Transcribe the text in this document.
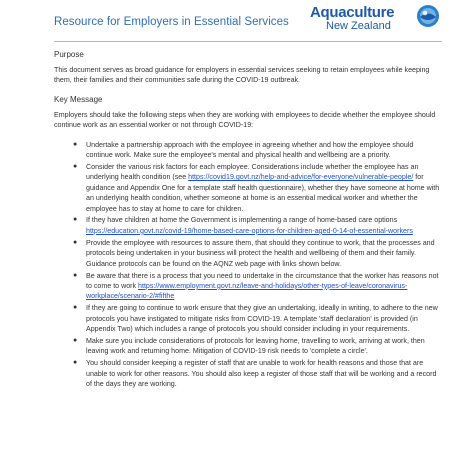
Resource for Employers in Essential Services
Aquaculture
New Zealand
Purpose

This document serves as broad guidance for employers in essential services seeking to retain employees while keeping them, their families and their communities safe during the COVID-19 outbreak.

Key Message

Employers should take the following steps when they are working with employees to decide whether the employee should continue work as an essential worker or not through COVID-19:

● Undertake a partnership approach with the employee in agreeing whether and how the employee should continue work. Make sure the employee's mental and physical health and wellbeing are a priority.
● Consider the various risk factors for each employee. Considerations include whether the employee has an underlying health condition (see https://covid19.govt.nz/help-and-advice/for-everyone/vulnerable-people/ for guidance and Appendix One for a template staff health questionnaire), whether they have someone at home with an underlying health condition, whether someone at home is an essential medical worker and whether the employee has to stay at home to care for children.
● If they have children at home the Government is implementing a range of home-based care options https://education.govt.nz/covid-19/home-based-care-options-for-children-aged-0-14-of-essential-workers
● Provide the employee with resources to assure them, that should they continue to work, that the processes and protocols being undertaken in your business will protect the health and wellbeing of them and their family. Guidance protocols can be found on the AQNZ web page with links shown below.
● Be aware that there is a process that you need to undertake in the circumstance that the worker has reasons not to come to work https://www.employment.govt.nz/leave-and-holidays/other-types-of-leave/coronavirus-workplace/scenario-2/#fifthe
● If they are going to continue to work ensure that they give an undertaking, ideally in writing, to adhere to the new protocols you have instigated to mitigate risks from COVID-19. A template 'staff declaration' is provided (in Appendix Two) which includes a range of protocols you should consider including in your requirements.
● Make sure you include considerations of protocols for leaving home, travelling to work, arriving at work, then leaving work and returning home. Mitigation of COVID-19 risk needs to 'complete a circle'.
● You should consider keeping a register of staff that are unable to work for health reasons and those that are unable to work for other reasons. You should also keep a register of those staff that will be working and a record of the days they are working.
